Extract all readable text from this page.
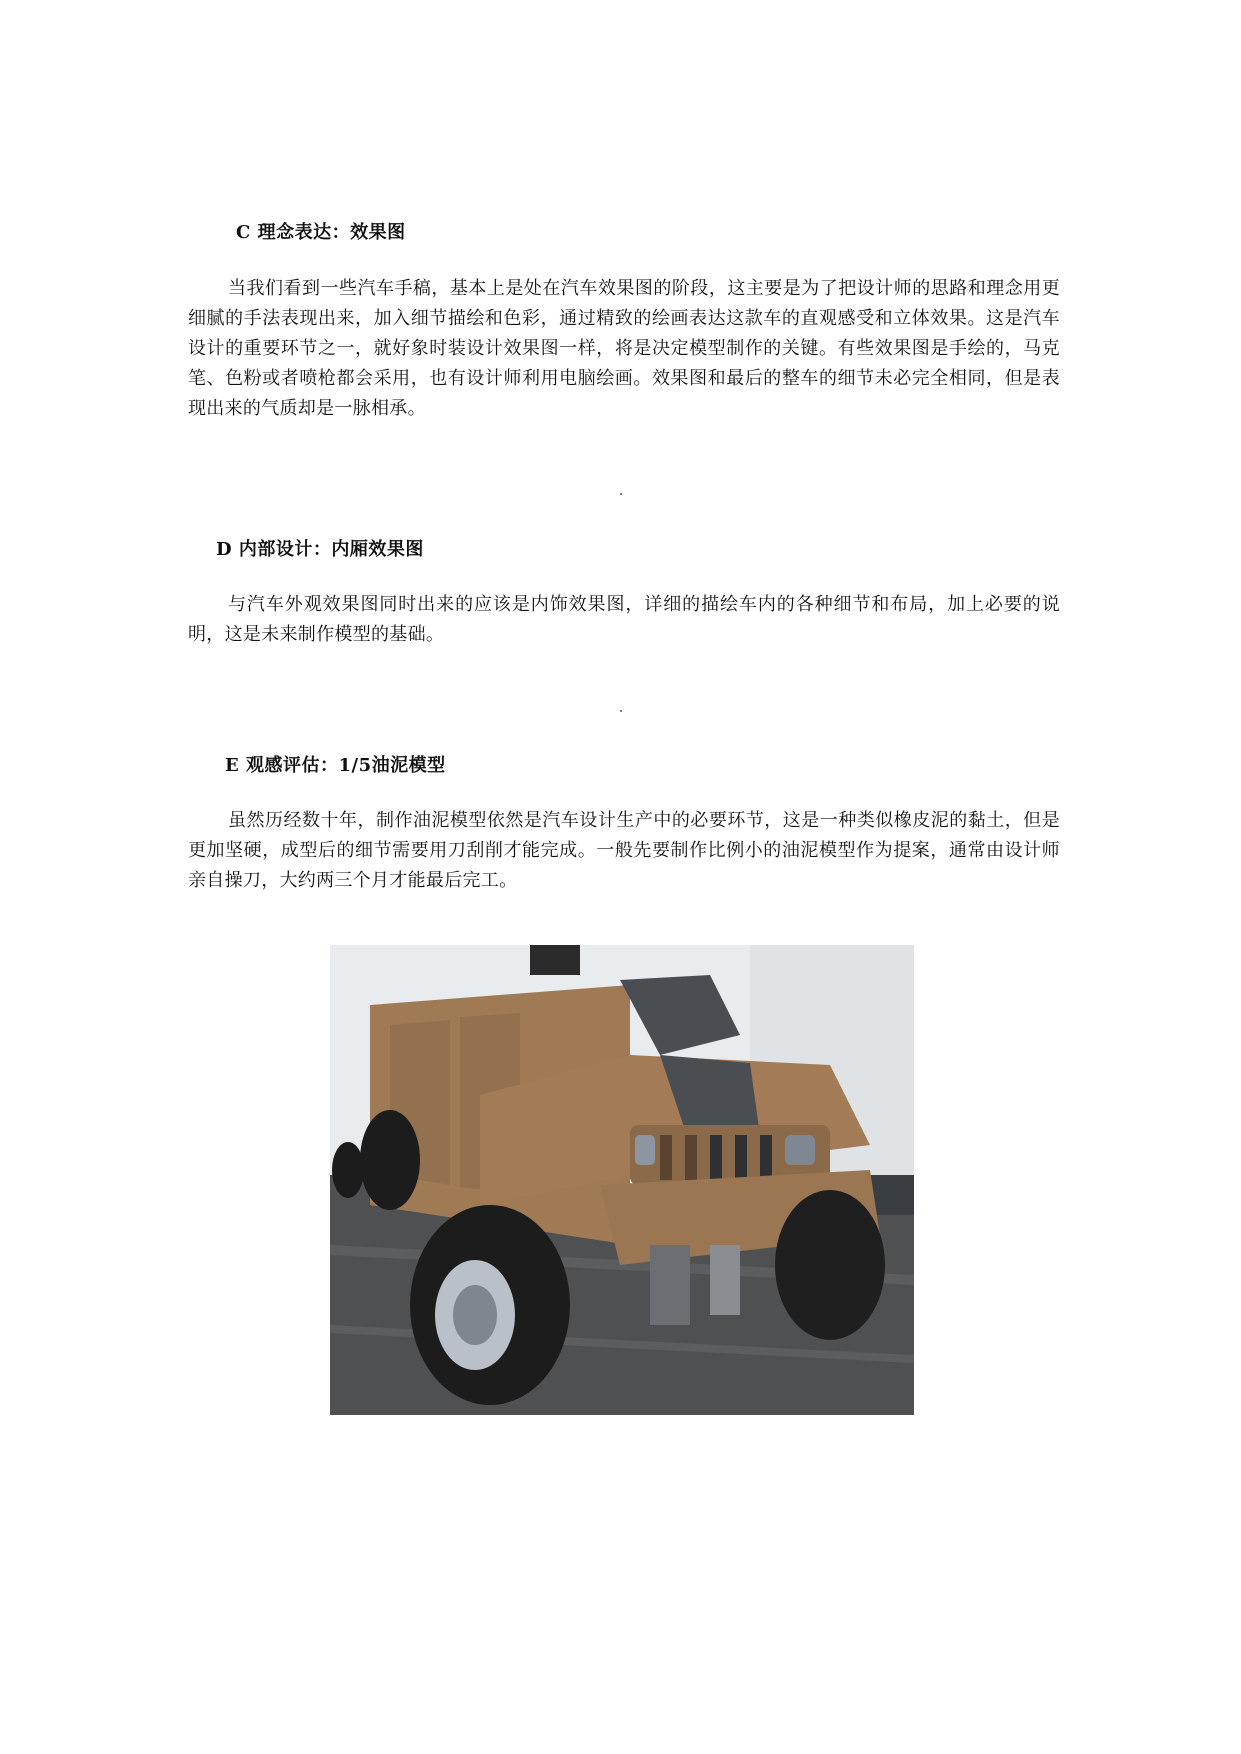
C 理念表达：效果图
当我们看到一些汽车手稿，基本上是处在汽车效果图的阶段，这主要是为了把设计师的思路和理念用更细腻的手法表现出来，加入细节描绘和色彩，通过精致的绘画表达这款车的直观感受和立体效果。这是汽车设计的重要环节之一，就好象时装设计效果图一样，将是决定模型制作的关键。有些效果图是手绘的，马克笔、色粉或者喷枪都会采用，也有设计师利用电脑绘画。效果图和最后的整车的细节未必完全相同，但是表现出来的气质却是一脉相承。
D 内部设计：内厢效果图
与汽车外观效果图同时出来的应该是内饰效果图，详细的描绘车内的各种细节和布局，加上必要的说明，这是未来制作模型的基础。
E 观感评估：1/5油泥模型
虽然历经数十年，制作油泥模型依然是汽车设计生产中的必要环节，这是一种类似橡皮泥的黏土，但是更加坚硬，成型后的细节需要用刀刮削才能完成。一般先要制作比例小的油泥模型作为提案，通常由设计师亲自操刀，大约两三个月才能最后完工。
